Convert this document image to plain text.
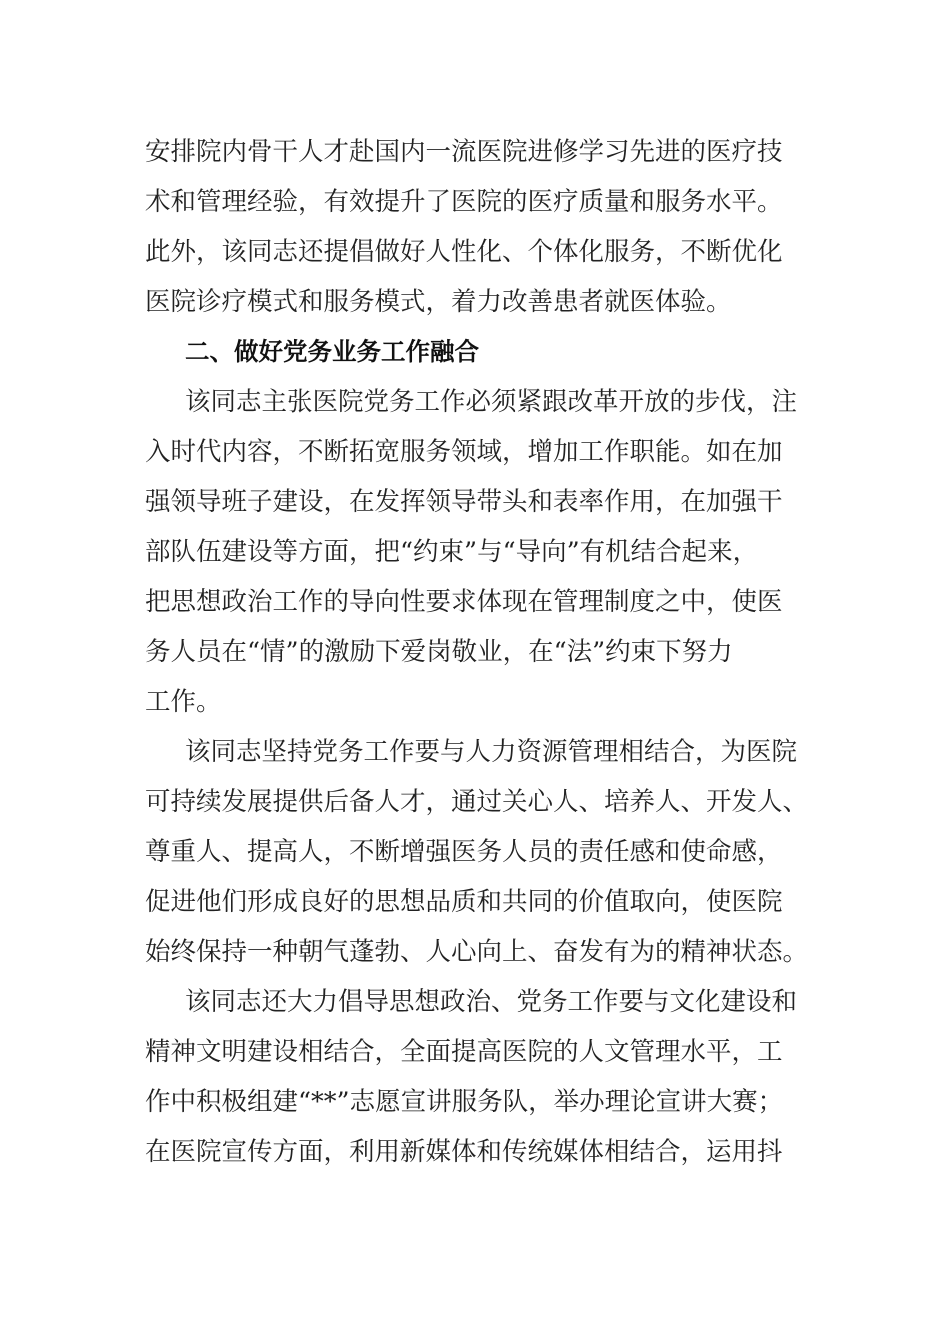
安排院内骨干人才赴国内一流医院进修学习先进的医疗技
术和管理经验，有效提升了医院的医疗质量和服务水平。
此外，该同志还提倡做好人性化、个体化服务，不断优化
医院诊疗模式和服务模式，着力改善患者就医体验。
二、做好党务业务工作融合
该同志主张医院党务工作必须紧跟改革开放的步伐，注
入时代内容，不断拓宽服务领域，增加工作职能。如在加
强领导班子建设，在发挥领导带头和表率作用，在加强干
部队伍建设等方面，把“约束”与“导向”有机结合起来，
把思想政治工作的导向性要求体现在管理制度之中，使医
务人员在“情”的激励下爱岗敬业，在“法”约束下努力
工作。
该同志坚持党务工作要与人力资源管理相结合，为医院
可持续发展提供后备人才，通过关心人、培养人、开发人、
尊重人、提高人，不断增强医务人员的责任感和使命感，
促进他们形成良好的思想品质和共同的价值取向，使医院
始终保持一种朝气蓬勃、人心向上、奋发有为的精神状态。
该同志还大力倡导思想政治、党务工作要与文化建设和
精神文明建设相结合，全面提高医院的人文管理水平，工
作中积极组建“**”志愿宣讲服务队，举办理论宣讲大赛；
在医院宣传方面，利用新媒体和传统媒体相结合，运用抖
